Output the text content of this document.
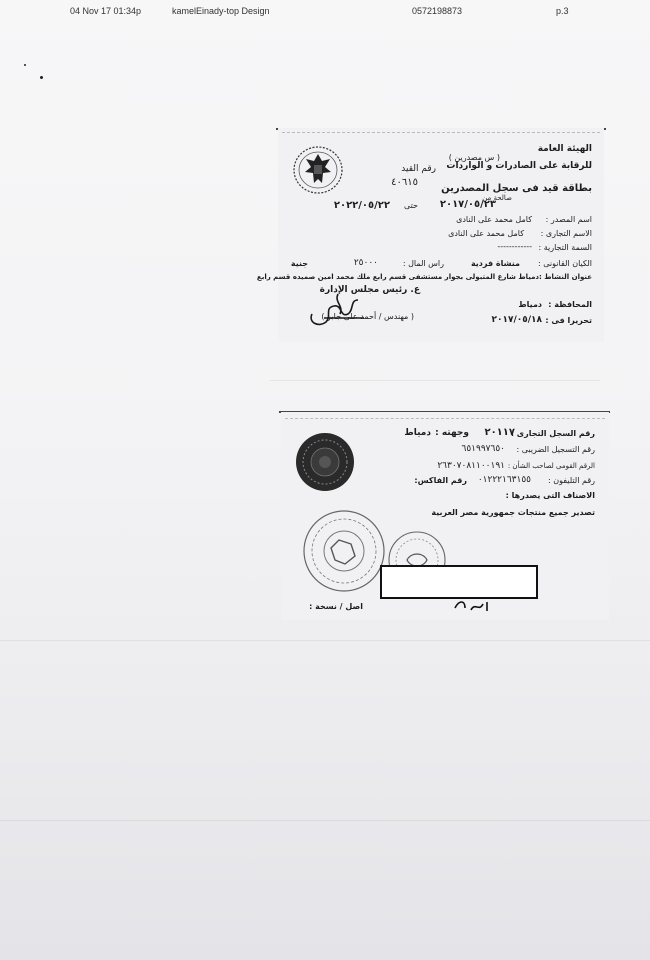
04 Nov 17 01:34p	kamelEinady-top Design	0572198873	p.3
الهيئة العامة
( س مصدرين )
للرقابة على الصادرات و الواردات
رقم القيد
٤٠٦١٥
بطاقة قيد فى سجل المصدرين
صالحة من
٢٠١٧/٠٥/٢٣
حتى
٢٠٢٢/٠٥/٢٢
اسم المصدر :
كامل محمد على النادى
الاسم التجارى :
كامل محمد على النادى
السمة التجارية :
------------
الكيان القانونى :
منشاة فردية
راس المال :
٢٥٠٠٠
جنية
عنوان النشاط :دمياط شارع المتبولى بجوار مستشفى قسم رابع ملك محمد امين صميده قسم رابع
ع. رئيس مجلس الإدارة
المحافظة :
دمياط
( مهندس / أحمد على جابر )	تحريرا فى :
٢٠١٧/٠٥/١٨
رقم السجل التجارى :
٢٠١١٧
وجهته :
دمياط
رقم التسجيل الضريبى :
٦٥١٩٩٧٦٥٠
الرقم القومى لصاحب الشأن :
٢٦٣٠٧٠٨١١٠٠١٩١
رقم التليفون :
٠١٢٢٢١٦٣١٥٥
رقم الفاكس:
الاصناف التى يصدرها :
تصدير جميع منتجات جمهورية مصر العربية
اصل / نسخة :
